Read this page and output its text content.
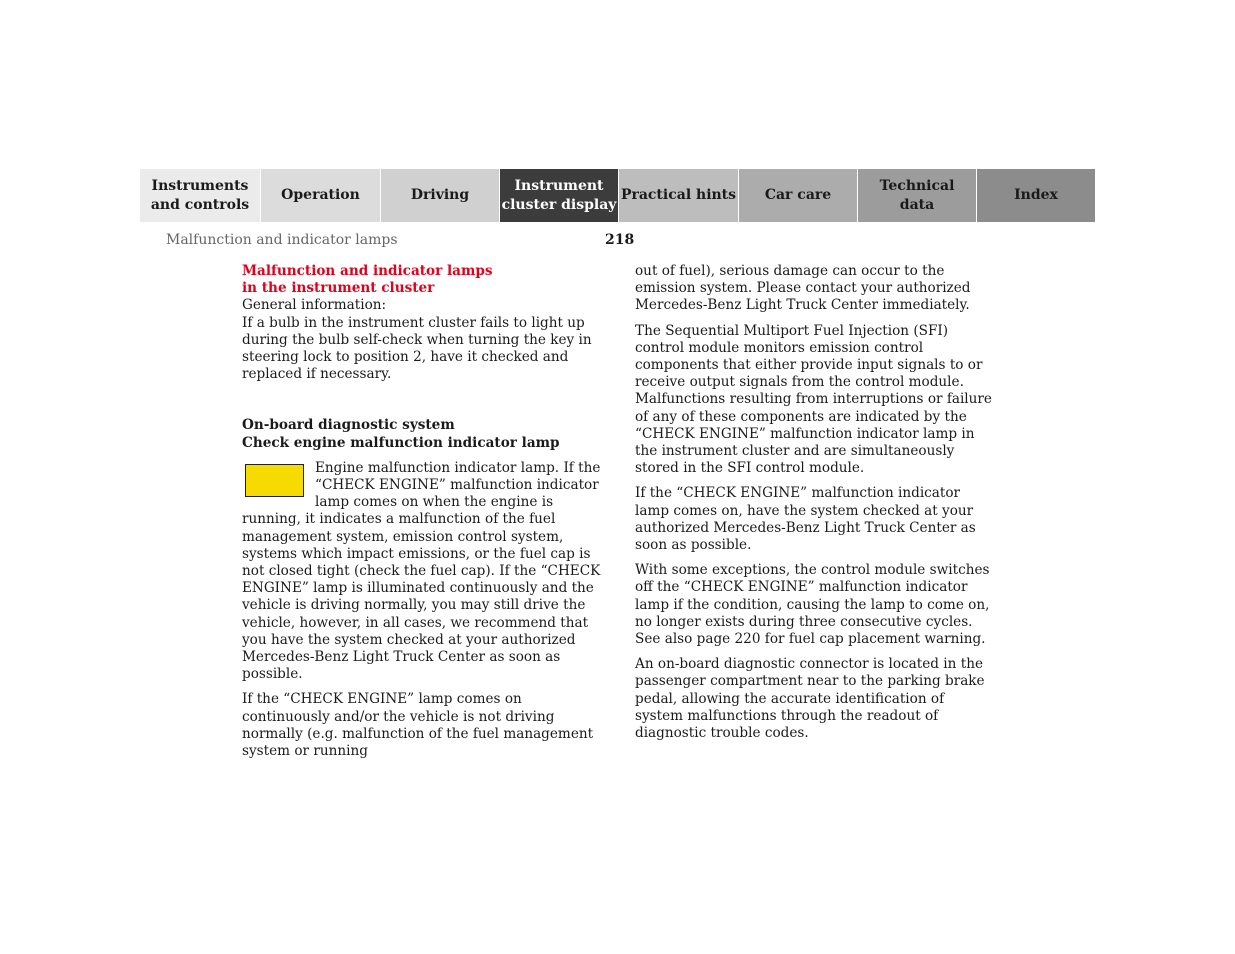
Instruments
and controls
Operation	Driving
Instrument
cluster display
Practical hints	Car care
Technical
data
Index
Malfunction and indicator lamps	218

Malfunction and indicator lamps
in the instrument cluster

General information:

If a bulb in the instrument cluster fails to light up during the bulb self-check when turning the key in steering lock to position 2, have it checked and replaced if necessary.

On-board diagnostic system
Check engine malfunction indicator lamp

Engine malfunction indicator lamp. If the “CHECK ENGINE” malfunction indicator lamp comes on when the engine is running, it indicates a malfunction of the fuel management system, emission control system, systems which impact emissions, or the fuel cap is not closed tight (check the fuel cap). If the “CHECK ENGINE” lamp is illuminated continuously and the vehicle is driving normally, you may still drive the vehicle, however, in all cases, we recommend that you have the system checked at your authorized Mercedes-Benz Light Truck Center as soon as possible.

If the “CHECK ENGINE” lamp comes on continuously and/or the vehicle is not driving normally (e.g. malfunction of the fuel management system or running

out of fuel), serious damage can occur to the emission system. Please contact your authorized Mercedes-Benz Light Truck Center immediately.

The Sequential Multiport Fuel Injection (SFI) control module monitors emission control components that either provide input signals to or receive output signals from the control module. Malfunctions resulting from interruptions or failure of any of these components are indicated by the “CHECK ENGINE” malfunction indicator lamp in the instrument cluster and are simultaneously stored in the SFI control module.

If the “CHECK ENGINE” malfunction indicator lamp comes on, have the system checked at your authorized Mercedes-Benz Light Truck Center as soon as possible.

With some exceptions, the control module switches off the “CHECK ENGINE” malfunction indicator lamp if the condition, causing the lamp to come on, no longer exists during three consecutive cycles. See also page 220 for fuel cap placement warning.

An on-board diagnostic connector is located in the passenger compartment near to the parking brake pedal, allowing the accurate identification of system malfunctions through the readout of diagnostic trouble codes.
